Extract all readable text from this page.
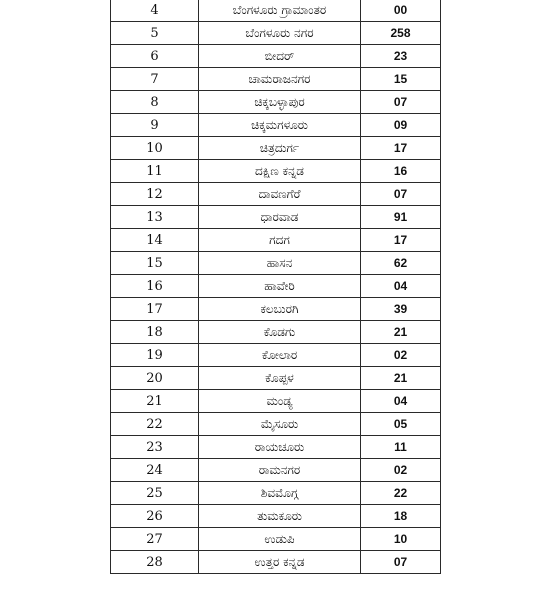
4	ಬೆಂಗಳೂರು ಗ್ರಾಮಾಂತರ	00
5	ಬೆಂಗಳೂರು ನಗರ	258
6	ಬೀದರ್	23
7	ಚಾಮರಾಜನಗರ	15
8	ಚಿಕ್ಕಬಳ್ಳಾಪುರ	07
9	ಚಿಕ್ಕಮಗಳೂರು	09
10	ಚಿತ್ರದುರ್ಗ	17
11	ದಕ್ಷಿಣ ಕನ್ನಡ	16
12	ದಾವಣಗೆರೆ	07
13	ಧಾರವಾಡ	91
14	ಗದಗ	17
15	ಹಾಸನ	62
16	ಹಾವೇರಿ	04
17	ಕಲಬುರಗಿ	39
18	ಕೊಡಗು	21
19	ಕೋಲಾರ	02
20	ಕೊಪ್ಪಳ	21
21	ಮಂಡ್ಯ	04
22	ಮೈಸೂರು	05
23	ರಾಯಚೂರು	11
24	ರಾಮನಗರ	02
25	ಶಿವಮೊಗ್ಗ	22
26	ತುಮಕೂರು	18
27	ಉಡುಪಿ	10
28	ಉತ್ತರ ಕನ್ನಡ	07
